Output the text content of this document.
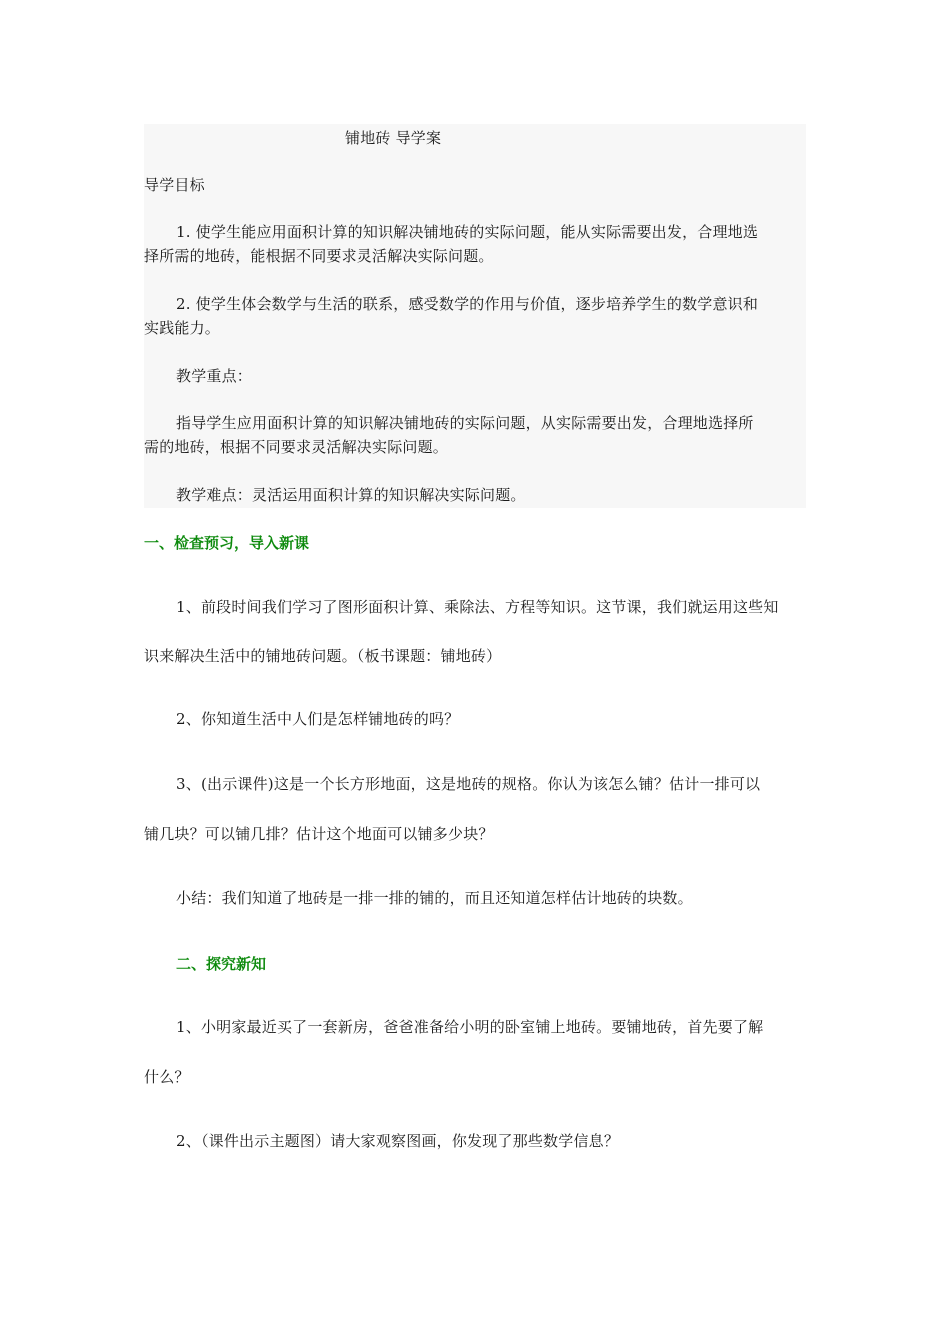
铺地砖 导学案
导学目标
1. 使学生能应用面积计算的知识解决铺地砖的实际问题，能从实际需要出发，合理地选
择所需的地砖，能根据不同要求灵活解决实际问题。
2. 使学生体会数学与生活的联系，感受数学的作用与价值，逐步培养学生的数学意识和
实践能力。
教学重点：
指导学生应用面积计算的知识解决铺地砖的实际问题，从实际需要出发，合理地选择所
需的地砖，根据不同要求灵活解决实际问题。
教学难点：灵活运用面积计算的知识解决实际问题。
一、检查预习，导入新课
1、前段时间我们学习了图形面积计算、乘除法、方程等知识。这节课，我们就运用这些知
识来解决生活中的铺地砖问题。（板书课题：铺地砖）
2、你知道生活中人们是怎样铺地砖的吗？
3、(出示课件)这是一个长方形地面，这是地砖的规格。你认为该怎么铺？估计一排可以
铺几块？可以铺几排？估计这个地面可以铺多少块？
小结：我们知道了地砖是一排一排的铺的，而且还知道怎样估计地砖的块数。
二、探究新知
1、小明家最近买了一套新房，爸爸准备给小明的卧室铺上地砖。要铺地砖，首先要了解
什么？
2、（课件出示主题图）请大家观察图画，你发现了那些数学信息？
